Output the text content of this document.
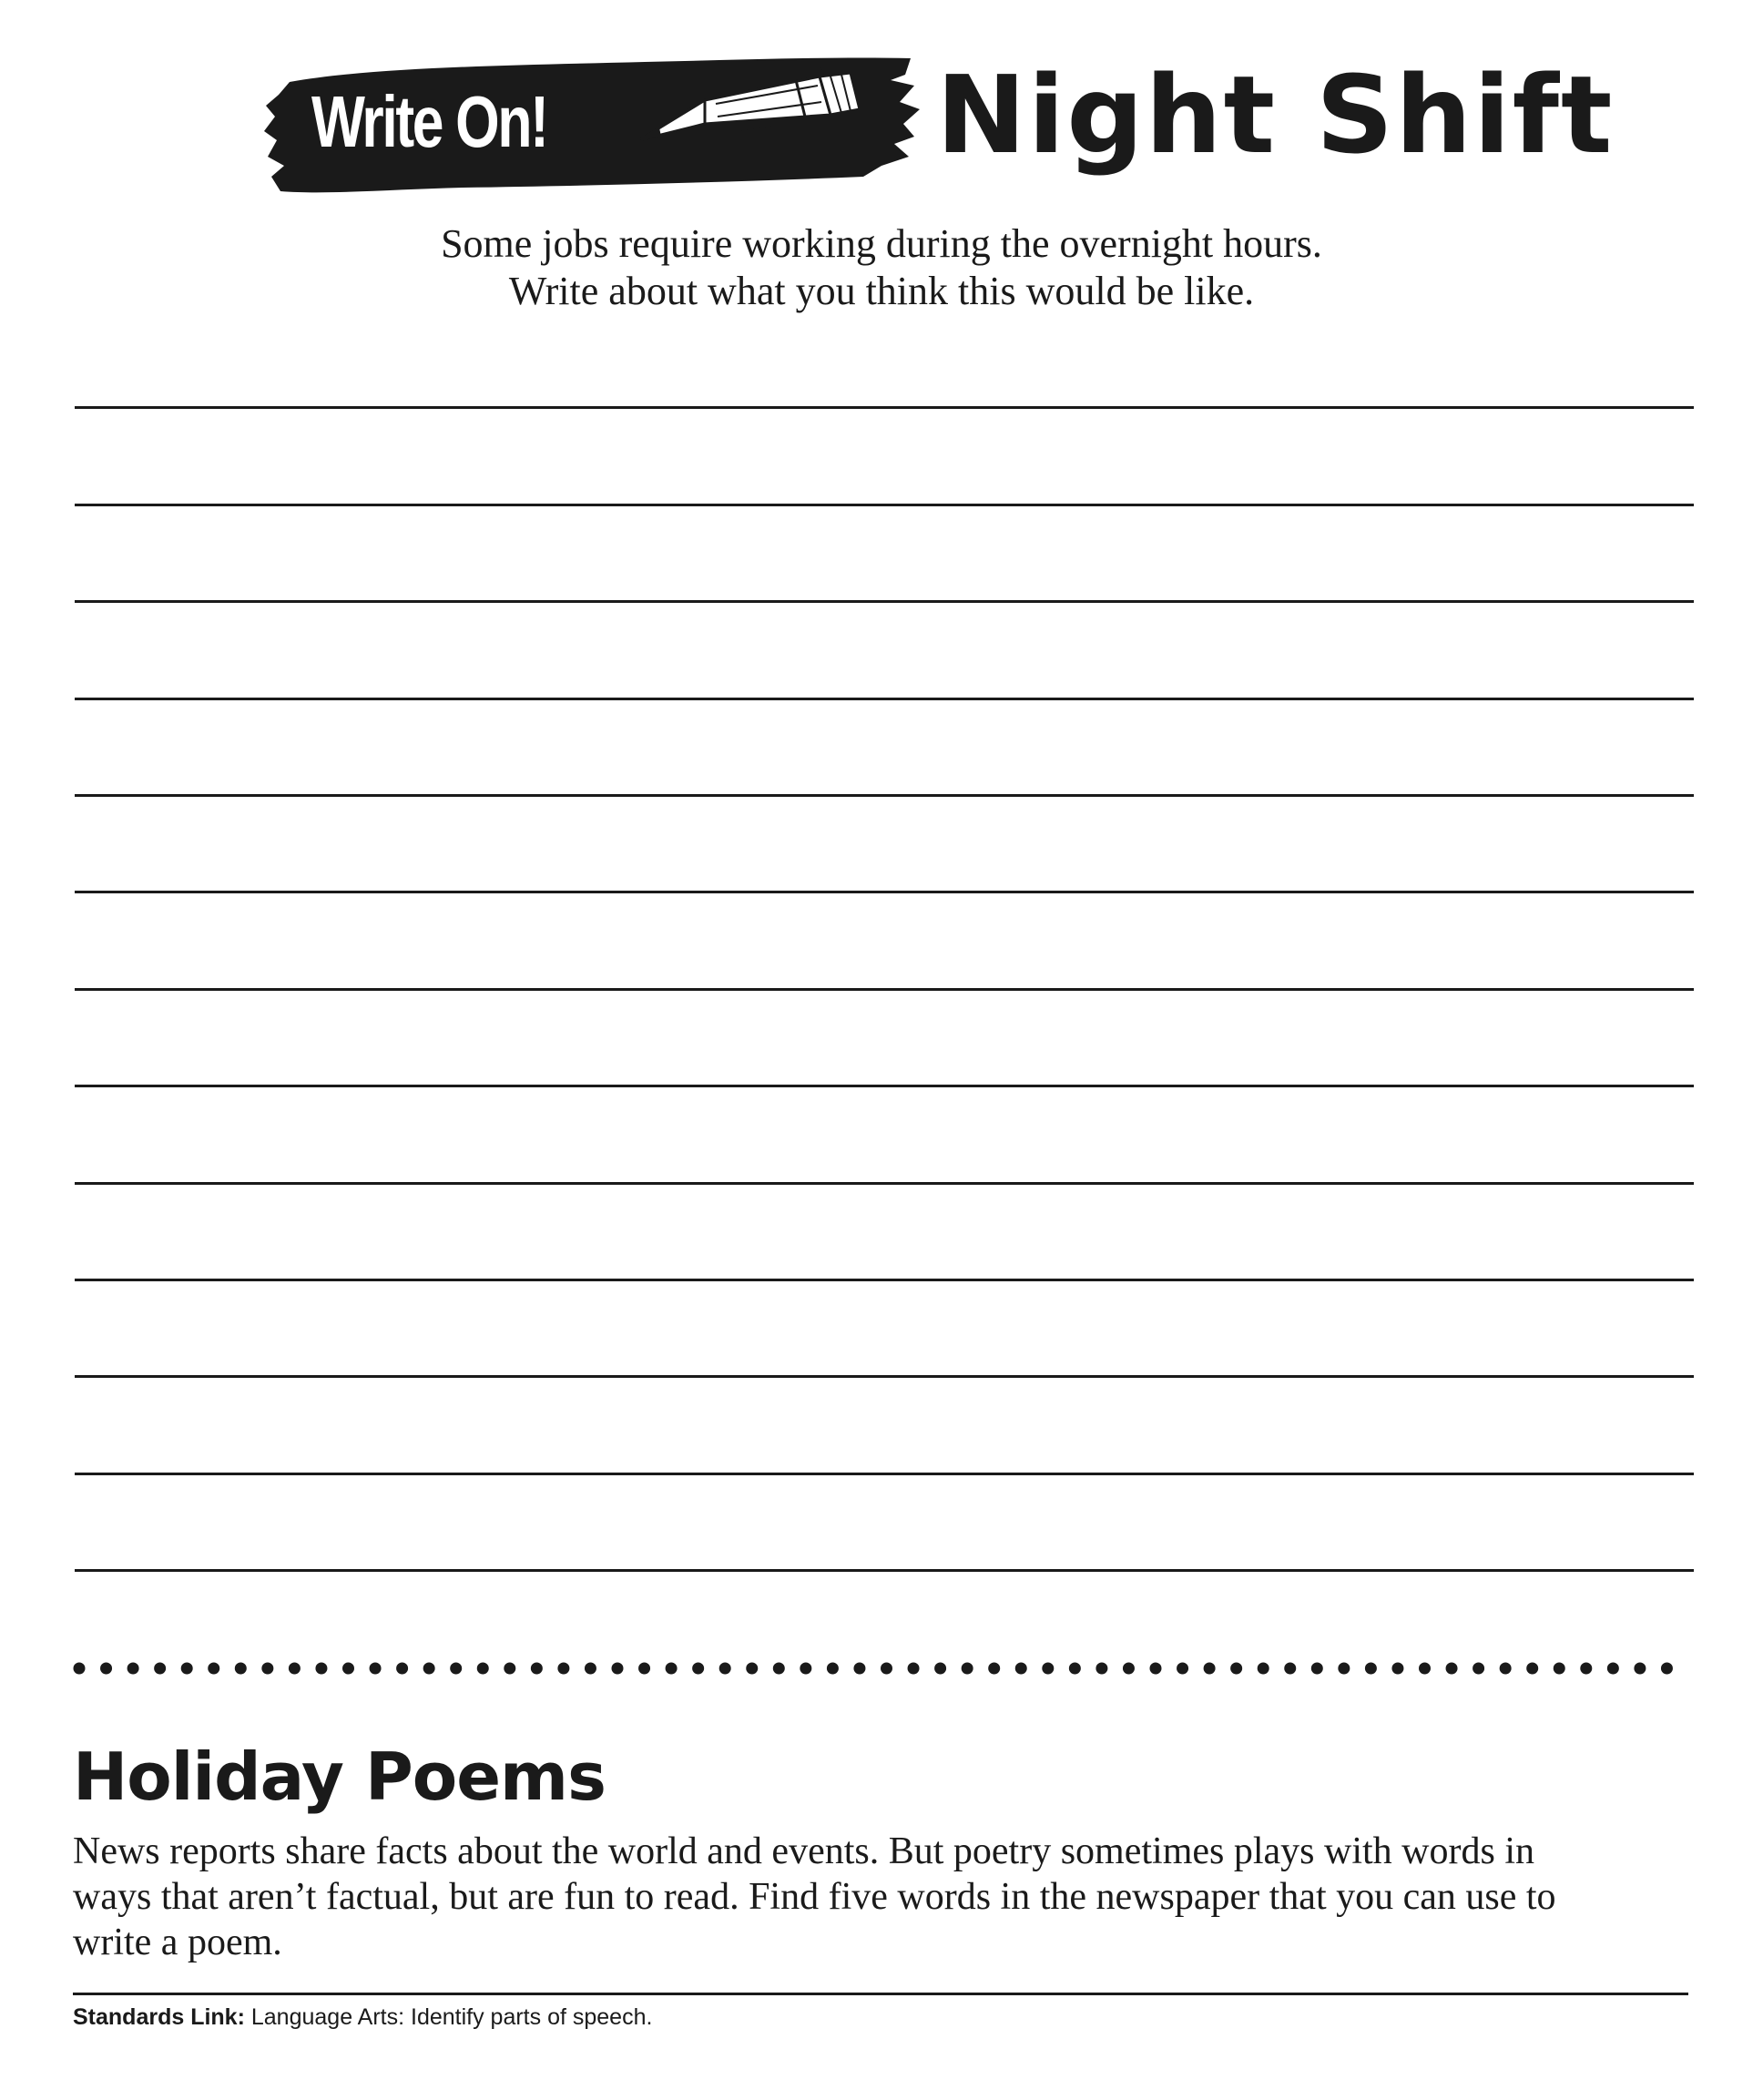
Write On!	Night Shift
Some jobs require working during the overnight hours.
Write about what you think this would be like.
Holiday Poems
News reports share facts about the world and events. But poetry sometimes plays with words in
ways that aren’t factual, but are fun to read. Find five words in the newspaper that you can use to
write a poem.
Standards Link: Language Arts: Identify parts of speech.
